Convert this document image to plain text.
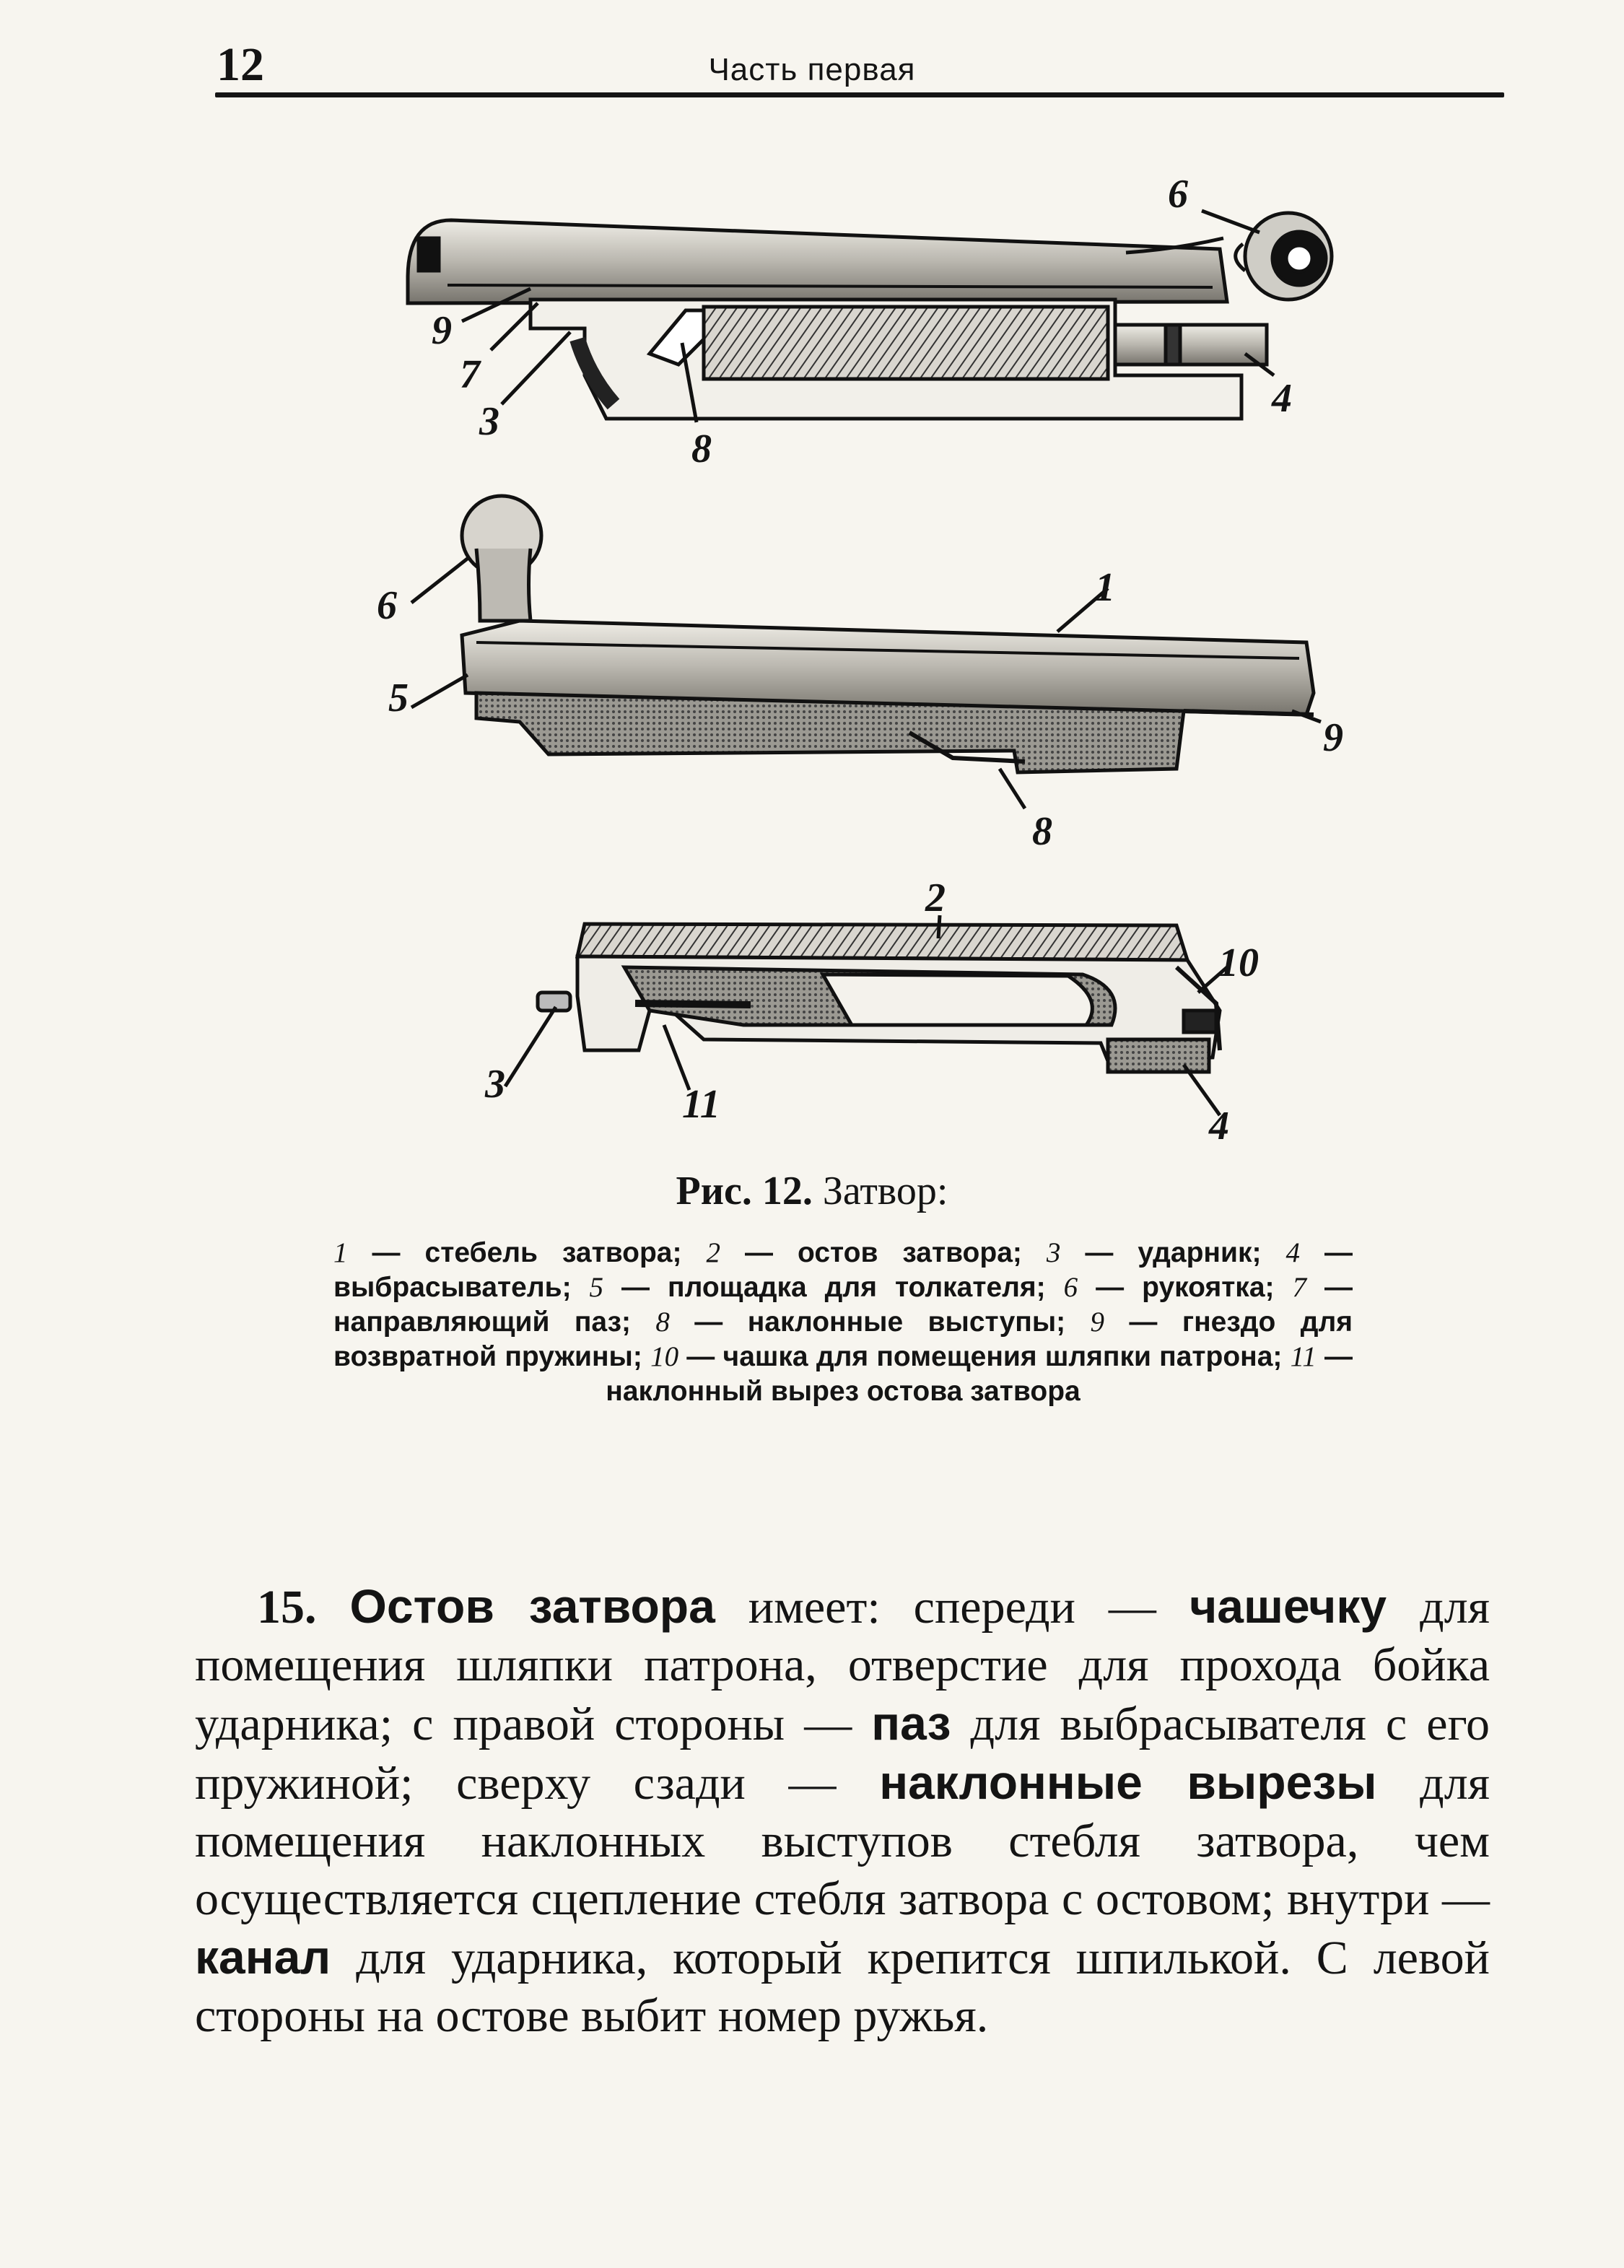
12	Часть первая
6
9
7
3
8
4
6	1
5
9
8
2
10
3	11	4
Рис. 12. Затвор:
1 — стебель затвора; 2 — остов затвора; 3 — ударник; 4 — выбрасыватель; 5 — площадка для толкателя; 6 — рукоятка; 7 — направляющий паз; 8 — наклонные выступы; 9 — гнездо для возвратной пружины; 10 — чашка для помещения шляпки патрона; 11 — наклонный вырез остова затвора
15. Остов затвора имеет: спереди — чашечку для помещения шляпки патрона, отверстие для прохода бойка ударника; с правой стороны — паз для выбрасывателя с его пружиной; сверху сзади — наклонные вырезы для помещения наклонных выступов стебля затвора, чем осуществляется сцепление стебля затвора с остовом; внутри — канал для ударника, который крепится шпилькой. С левой стороны на остове выбит номер ружья.
